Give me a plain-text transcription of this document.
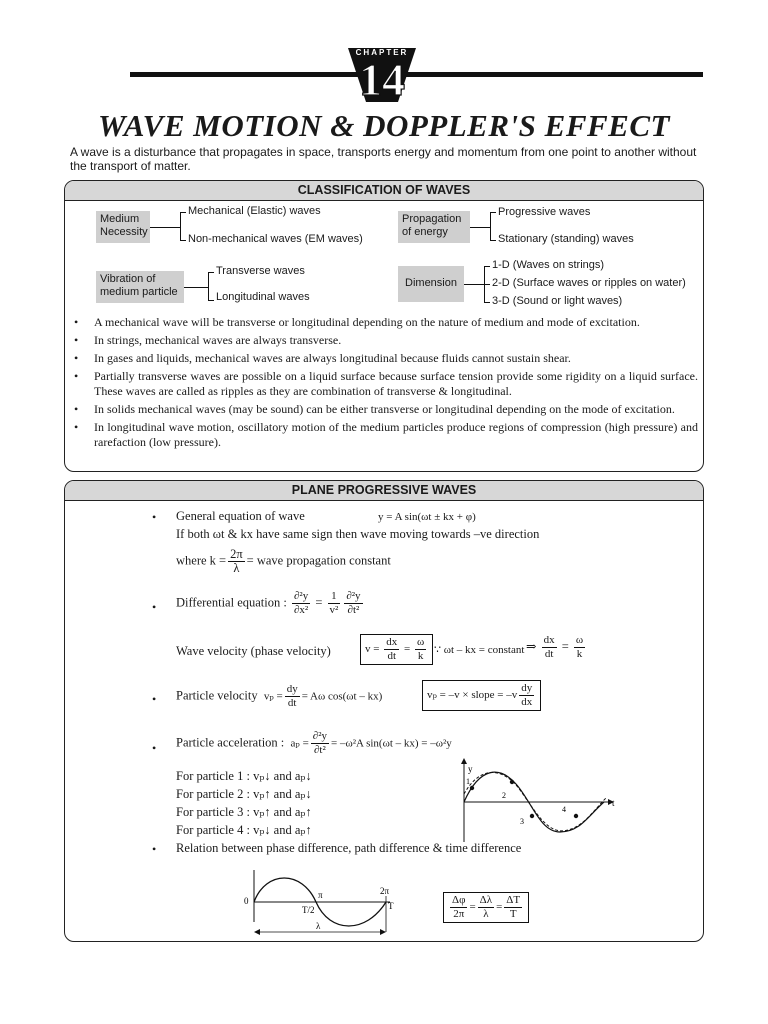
CHAPTER
14
WAVE MOTION & DOPPLER'S EFFECT
A wave is a disturbance that propagates in space, transports energy and momentum from one point to another without the transport of matter.
CLASSIFICATION OF WAVES
Medium Necessity
Mechanical (Elastic) waves
Non-mechanical waves (EM waves)
Propagation of energy
Progressive waves
Stationary (standing) waves
Vibration of medium particle
Transverse waves
Longitudinal waves
Dimension
1-D (Waves on strings)
2-D (Surface waves or ripples on water)
3-D (Sound or light waves)
• A mechanical wave will be transverse or longitudinal depending on the nature of medium and mode of excitation.
• In strings, mechanical waves are always transverse.
• In gases and liquids, mechanical waves are always longitudinal because fluids cannot sustain shear.
• Partially transverse waves are possible on a liquid surface because surface tension provide some rigidity on a liquid surface. These waves are called as ripples as they are combination of transverse & longitudinal.
• In solids mechanical waves (may be sound) can be either transverse or longitudinal depending on the mode of excitation.
• In longitudinal wave motion, oscillatory motion of the medium particles produce regions of compression (high pressure) and rarefaction (low pressure).
PLANE PROGRESSIVE WAVES
• General equation of wave	y = A sin(ωt ± kx + φ)
If both ωt & kx have same sign then wave moving towards –ve direction
where $k = \frac{2\pi}{\lambda}$ = wave propagation constant
• Differential equation : $\frac{\text{∂²y}}{\text{∂x²}} = \frac{1}{\text{v²}} \frac{\text{∂²y}}{\text{∂t²}}$
Wave velocity (phase velocity)	$v = \frac{dx}{dt} = \frac{\omega}{k}$ ∵ ωt – kx = constant ⇒ $\frac{dx}{dt} = \frac{\omega}{k}$
• Particle velocity $v_p = \frac{dy}{dt} = A\omega$ cos(ωt – kx)	vₚ = –v × slope = $-v \frac{dy}{dx}$
• Particle acceleration : $a_p = \frac{\text{∂²y}}{\text{∂t²}} = -\omega^2A$ sin(ωt – kx) = –ω²y
For particle 1 : vₚ↓ and aₚ↓
For particle 2 : vₚ↑ and aₚ↓
For particle 3 : vₚ↑ and aₚ↑
For particle 4 : vₚ↓ and aₚ↑
y
t
1
2
3
4
• Relation between phase difference, path difference & time difference
0
π	2π
T/2	T
λ
$\frac{\Delta\varphi}{2\pi} = \frac{\Delta\lambda}{\lambda} = \frac{\Delta T}{T}$
